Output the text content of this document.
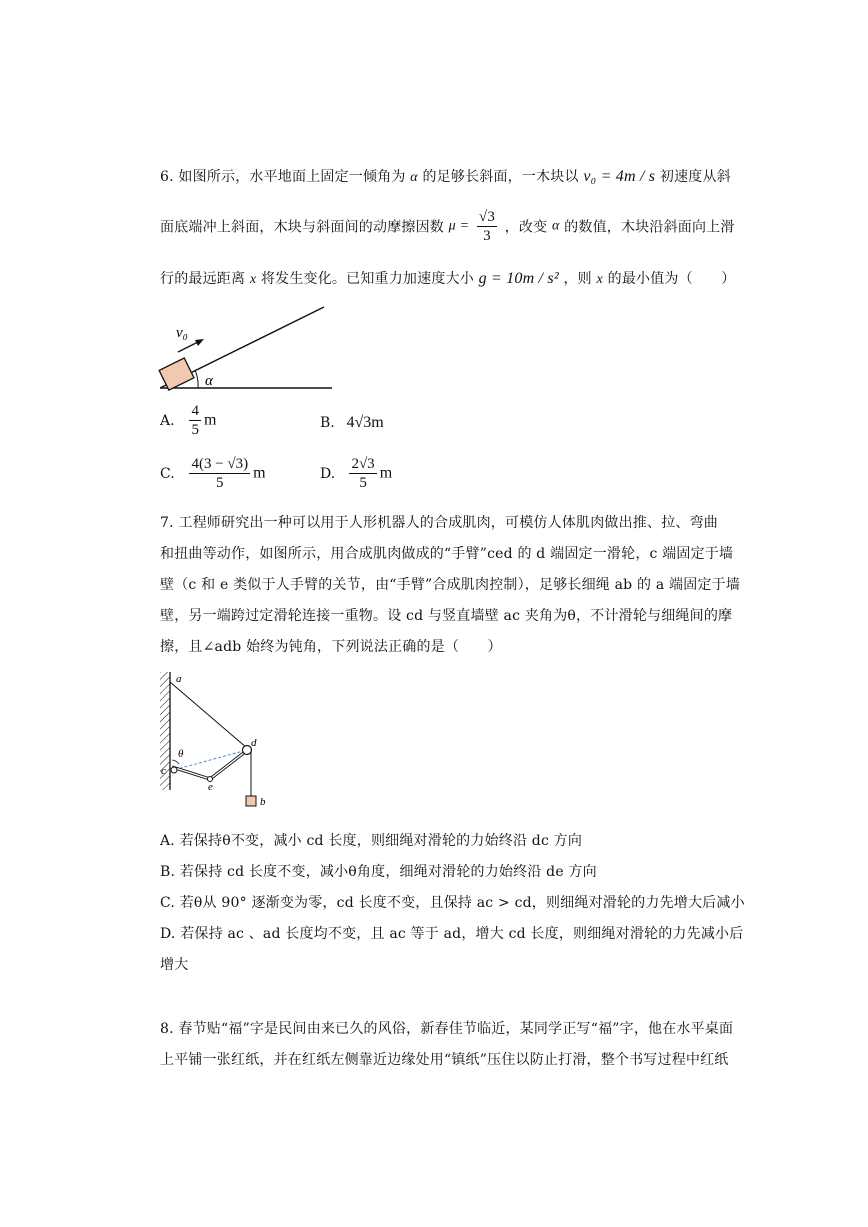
6. 如图所示，水平地面上固定一倾角为 α 的足够长斜面，一木块以 v₀ = 4m / s 初速度从斜
面底端冲上斜面，木块与斜面间的动摩擦因数 $\mu = \frac{√3}{3}$ ，改变 α 的数值，木块沿斜面向上滑
行的最远距离 x 将发生变化。已知重力加速度大小 g = 10m / s² ，则 x 的最小值为（　　）
v₀
α
A. $\frac{4}{5}$ m	B. 4√3m
C. $\frac{4(3 - √3)}{5}$ m	D. $\frac{2√3}{5}$ m
7. 工程师研究出一种可以用于人形机器人的合成肌肉，可模仿人体肌肉做出推、拉、弯曲
和扭曲等动作，如图所示，用合成肌肉做成的“手臂”ced 的 d 端固定一滑轮，c 端固定于墙
壁（c 和 e 类似于人手臂的关节，由“手臂”合成肌肉控制），足够长细绳 ab 的 a 端固定于墙
壁，另一端跨过定滑轮连接一重物。设 cd 与竖直墙壁 ac 夹角为θ，不计滑轮与细绳间的摩
擦，且∠adb 始终为钝角，下列说法正确的是（　　）
a
θ
c
d
e
b
A. 若保持θ不变，减小 cd 长度，则细绳对滑轮的力始终沿 dc 方向
B. 若保持 cd 长度不变，减小θ角度，细绳对滑轮的力始终沿 de 方向
C. 若θ从 90° 逐渐变为零，cd 长度不变，且保持 ac > cd，则细绳对滑轮的力先增大后减小
D. 若保持 ac 、ad 长度均不变，且 ac 等于 ad，增大 cd 长度，则细绳对滑轮的力先减小后
增大
8. 春节贴“福”字是民间由来已久的风俗，新春佳节临近，某同学正写“福”字，他在水平桌面
上平铺一张红纸，并在红纸左侧靠近边缘处用“镇纸”压住以防止打滑，整个书写过程中红纸
